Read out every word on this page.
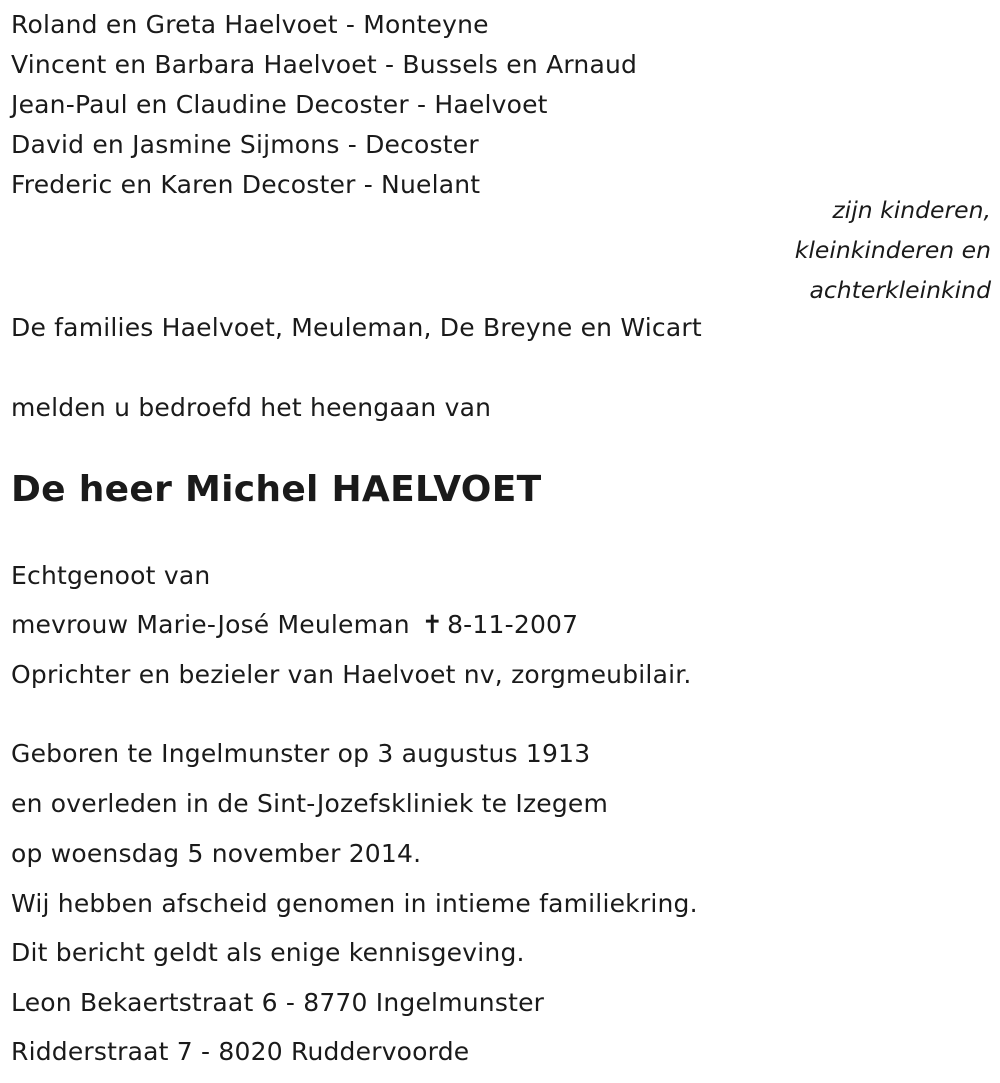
Roland en Greta Haelvoet - Monteyne
Vincent en Barbara Haelvoet - Bussels en Arnaud
Jean-Paul en Claudine Decoster - Haelvoet
David en Jasmine Sijmons - Decoster
Frederic en Karen Decoster - Nuelant
zijn kinderen,
kleinkinderen en
achterkleinkind
De families Haelvoet, Meuleman, De Breyne en Wicart
melden u bedroefd het heengaan van
De heer Michel HAELVOET
Echtgenoot van
mevrouw Marie-José Meuleman ✝ 8-11-2007
Oprichter en bezieler van Haelvoet nv, zorgmeubilair.
Geboren te Ingelmunster op 3 augustus 1913
en overleden in de Sint-Jozefskliniek te Izegem
op woensdag 5 november 2014.
Wij hebben afscheid genomen in intieme familiekring.
Dit bericht geldt als enige kennisgeving.
Leon Bekaertstraat 6 - 8770 Ingelmunster
Ridderstraat 7 - 8020 Ruddervoorde
